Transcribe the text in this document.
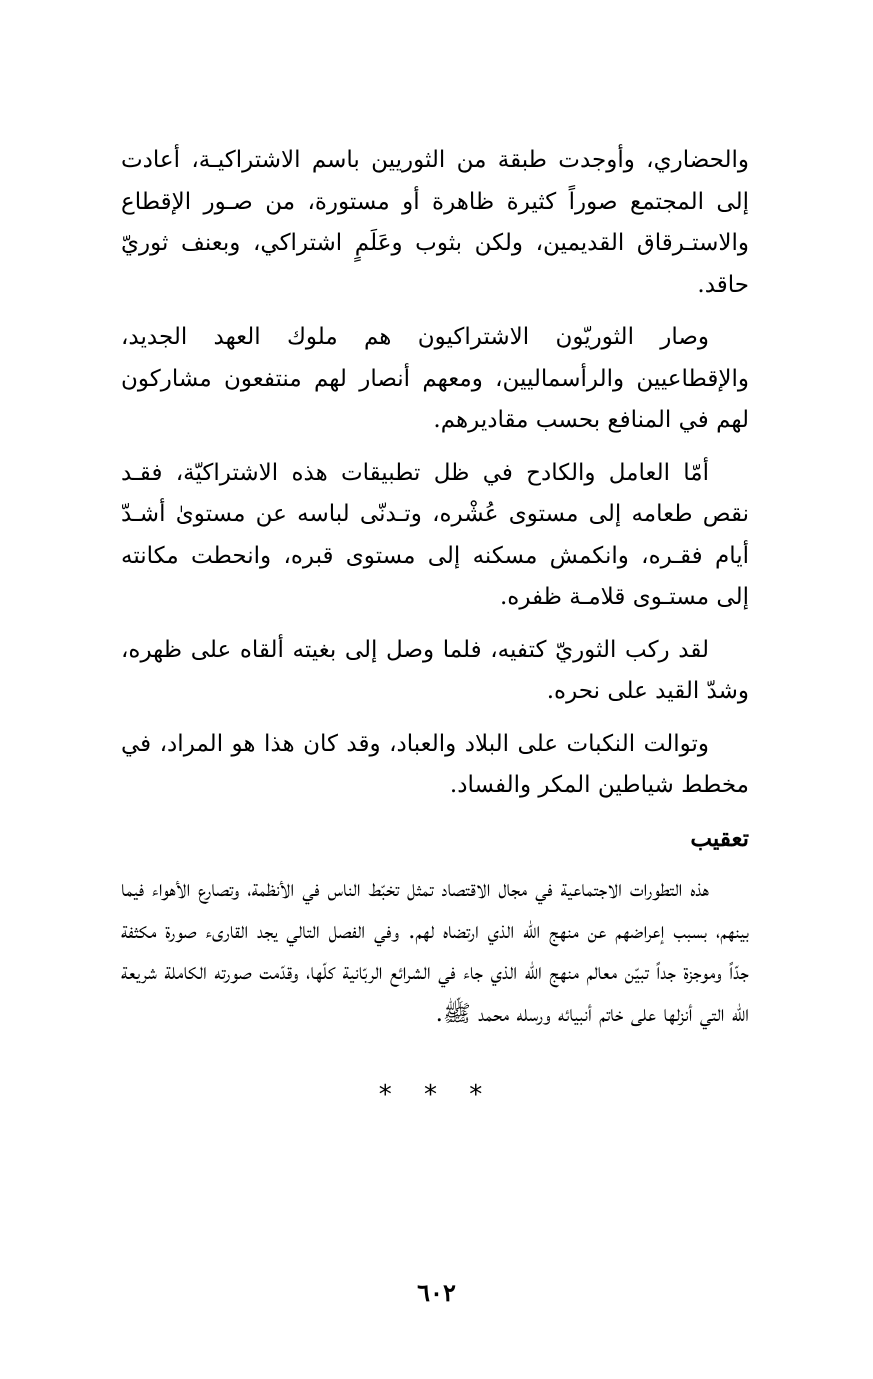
والحضاري، وأوجدت طبقة من الثوريين باسم الاشتراكيـة، أعادت إلى المجتمع صوراً كثيرة ظاهرة أو مستورة، من صـور الإقطاع والاستـرقاق القديمين، ولكن بثوب وعَلَمٍ اشتراكي، وبعنف ثوريّ حاقد.

وصار الثوريّون الاشتراكيون هم ملوك العهد الجديد، والإقطاعيين والرأسماليين، ومعهم أنصار لهم منتفعون مشاركون لهم في المنافع بحسب مقاديرهم.

أمّا العامل والكادح في ظل تطبيقات هذه الاشتراكيّة، فقـد نقص طعامه إلى مستوى عُشْره، وتـدنّى لباسه عن مستوىٰ أشـدّ أيام فقـره، وانكمش مسكنه إلى مستوى قبره، وانحطت مكانته إلى مستـوى قلامـة ظفره.

لقد ركب الثوريّ كتفيه، فلما وصل إلى بغيته ألقاه على ظهره، وشدّ القيد على نحره.

وتوالت النكبات على البلاد والعباد، وقد كان هذا هو المراد، في مخطط شياطين المكر والفساد.

تعقيب

هذه التطورات الاجتماعية في مجال الاقتصاد تمثل تخبّط الناس في الأنظمة، وتصارع الأهواء فيما بينهم، بسبب إعراضهم عن منهج الله الذي ارتضاه لهم. وفي الفصل التالي يجد القارىء صورة مكثفة جدّاً وموجزة جداً تبيّن معالم منهج الله الذي جاء في الشرائع الربّانية كلّها، وقدّمت صورته الكاملة شريعة الله التي أنزلها على خاتم أنبيائه ورسله محمد ﷺ.

* * *
٦٠٢
